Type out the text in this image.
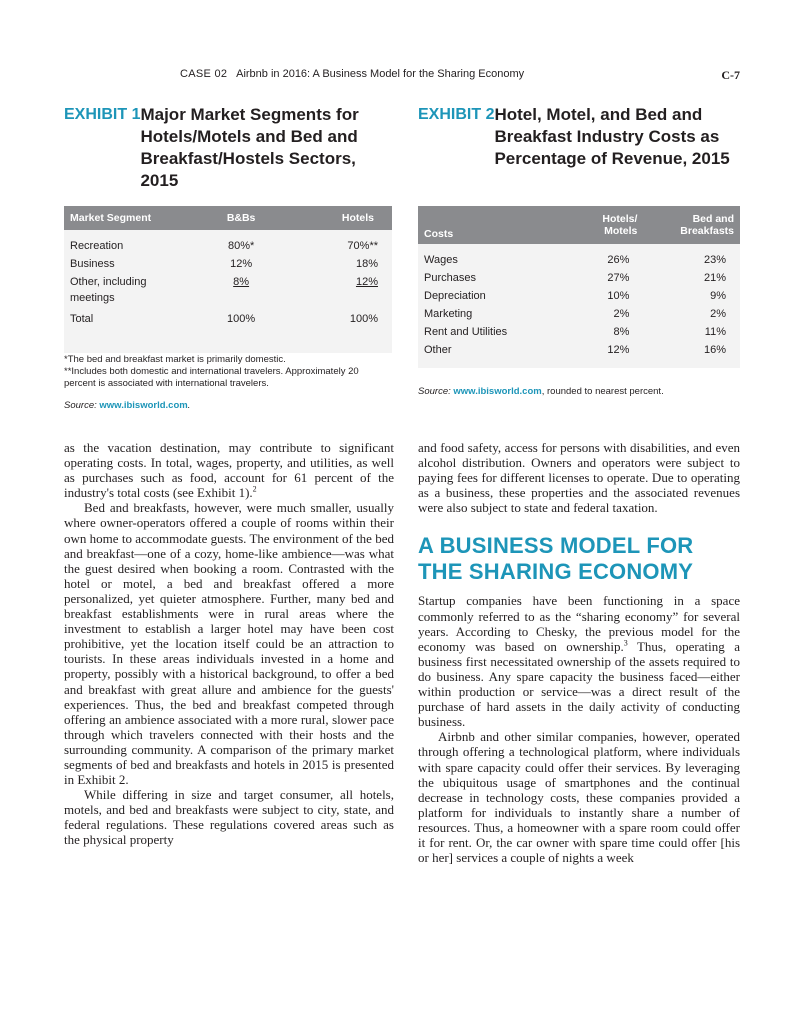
CASE 02 Airbnb in 2016: A Business Model for the Sharing Economy	C-7
EXHIBIT 1 Major Market Segments for Hotels/Motels and Bed and Breakfast/Hostels Sectors, 2015
Market Segment	B&Bs	Hotels
Recreation	80%*	70%**
Business	12%	18%
Other, including meetings	8%	12%
Total	100%	100%

*The bed and breakfast market is primarily domestic.

**Includes both domestic and international travelers. Approximately 20 percent is associated with international travelers.

Source: www.ibisworld.com.
EXHIBIT 2 Hotel, Motel, and Bed and Breakfast Industry Costs as Percentage of Revenue, 2015
Costs	Hotels/ Motels	Bed and Breakfasts
Wages	26%	23%
Purchases	27%	21%
Depreciation	10%	9%
Marketing	2%	2%
Rent and Utilities	8%	11%
Other	12%	16%
Source: www.ibisworld.com, rounded to nearest percent.

as the vacation destination, may contribute to significant operating costs. In total, wages, property, and utilities, as well as purchases such as food, account for 61 percent of the industry's total costs (see Exhibit 1).$^2$

Bed and breakfasts, however, were much smaller, usually where owner-operators offered a couple of rooms within their own home to accommodate guests. The environment of the bed and breakfast—one of a cozy, home-like ambience—was what the guest desired when booking a room. Contrasted with the hotel or motel, a bed and breakfast offered a more personalized, yet quieter atmosphere. Further, many bed and breakfast establishments were in rural areas where the investment to establish a larger hotel may have been cost prohibitive, yet the location itself could be an attraction to tourists. In these areas individuals invested in a home and property, possibly with a historical background, to offer a bed and breakfast with great allure and ambience for the guests' experiences. Thus, the bed and breakfast competed through offering an ambience associated with a more rural, slower pace through which travelers connected with their hosts and the surrounding community. A comparison of the primary market segments of bed and breakfasts and hotels in 2015 is presented in Exhibit 2.

While differing in size and target consumer, all hotels, motels, and bed and breakfasts were subject to city, state, and federal regulations. These regulations covered areas such as the physical property

and food safety, access for persons with disabilities, and even alcohol distribution. Owners and operators were subject to paying fees for different licenses to operate. Due to operating as a business, these properties and the associated revenues were also subject to state and federal taxation.

A BUSINESS MODEL FOR THE SHARING ECONOMY

Startup companies have been functioning in a space commonly referred to as the “sharing economy” for several years. According to Chesky, the previous model for the economy was based on ownership.$^3$ Thus, operating a business first necessitated ownership of the assets required to do business. Any spare capacity the business faced—either within production or service—was a direct result of the purchase of hard assets in the daily activity of conducting business.

Airbnb and other similar companies, however, operated through offering a technological platform, where individuals with spare capacity could offer their services. By leveraging the ubiquitous usage of smartphones and the continual decrease in technology costs, these companies provided a platform for individuals to instantly share a number of resources. Thus, a homeowner with a spare room could offer it for rent. Or, the car owner with spare time could offer [his or her] services a couple of nights a week
